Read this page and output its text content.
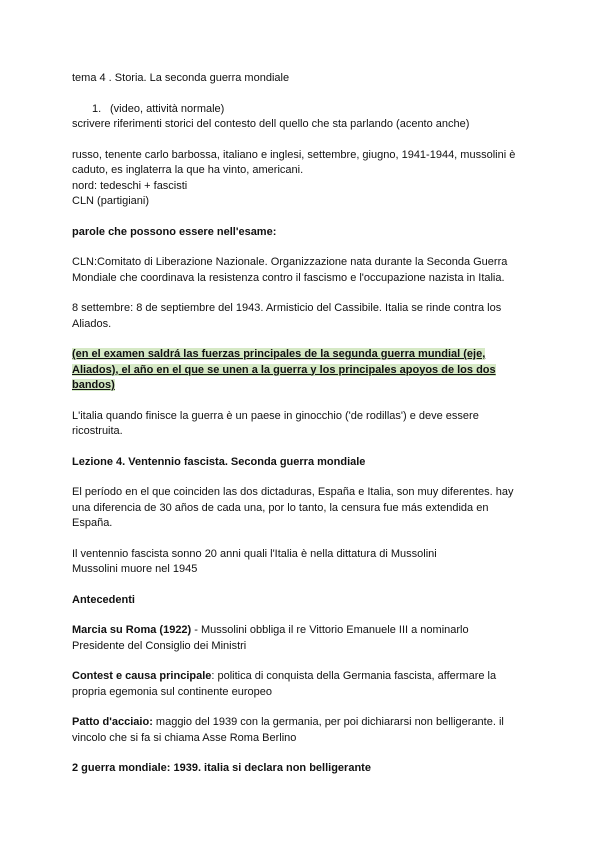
tema 4 . Storia. La seconda guerra mondiale

1. (video, attività normale)

scrivere riferimenti storici del contesto dell quello che sta parlando (acento anche)

russo, tenente carlo barbossa, italiano e inglesi, settembre, giugno, 1941-1944, mussolini è

caduto, es inglaterra la que ha vinto, americani.

nord: tedeschi + fascisti

CLN (partigiani)

parole che possono essere nell'esame:

CLN:Comitato di Liberazione Nazionale. Organizzazione nata durante la Seconda Guerra

Mondiale che coordinava la resistenza contro il fascismo e l'occupazione nazista in Italia.

8 settembre: 8 de septiembre del 1943. Armisticio del Cassibile. Italia se rinde contra los

Aliados.

(en el examen saldrá las fuerzas principales de la segunda guerra mundial (eje,
Aliados), el año en el que se unen a la guerra y los principales apoyos de los dos
bandos)

L'italia quando finisce la guerra è un paese in ginocchio ('de rodillas') e deve essere

ricostruita.

Lezione 4. Ventennio fascista. Seconda guerra mondiale

El período en el que coinciden las dos dictaduras, España e Italia, son muy diferentes. hay

una diferencia de 30 años de cada una, por lo tanto, la censura fue más extendida en

España.

Il ventennio fascista sonno 20 anni quali l'Italia è nella dittatura di Mussolini

Mussolini muore nel 1945

Antecedenti

Marcia su Roma (1922) - Mussolini obbliga il re Vittorio Emanuele III a nominarlo

Presidente del Consiglio dei Ministri

Contest e causa principale: politica di conquista della Germania fascista, affermare la

propria egemonia sul continente europeo

Patto d'acciaio: maggio del 1939 con la germania, per poi dichiararsi non belligerante. il

vincolo che si fa si chiama Asse Roma Berlino

2 guerra mondiale: 1939. italia si declara non belligerante
